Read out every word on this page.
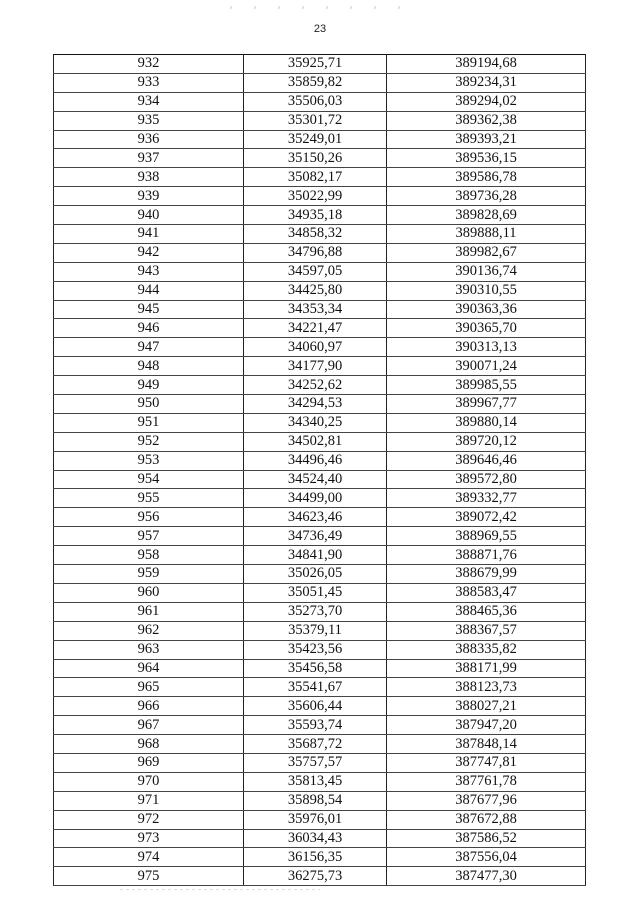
23
932	35925,71	389194,68
933	35859,82	389234,31
934	35506,03	389294,02
935	35301,72	389362,38
936	35249,01	389393,21
937	35150,26	389536,15
938	35082,17	389586,78
939	35022,99	389736,28
940	34935,18	389828,69
941	34858,32	389888,11
942	34796,88	389982,67
943	34597,05	390136,74
944	34425,80	390310,55
945	34353,34	390363,36
946	34221,47	390365,70
947	34060,97	390313,13
948	34177,90	390071,24
949	34252,62	389985,55
950	34294,53	389967,77
951	34340,25	389880,14
952	34502,81	389720,12
953	34496,46	389646,46
954	34524,40	389572,80
955	34499,00	389332,77
956	34623,46	389072,42
957	34736,49	388969,55
958	34841,90	388871,76
959	35026,05	388679,99
960	35051,45	388583,47
961	35273,70	388465,36
962	35379,11	388367,57
963	35423,56	388335,82
964	35456,58	388171,99
965	35541,67	388123,73
966	35606,44	388027,21
967	35593,74	387947,20
968	35687,72	387848,14
969	35757,57	387747,81
970	35813,45	387761,78
971	35898,54	387677,96
972	35976,01	387672,88
973	36034,43	387586,52
974	36156,35	387556,04
975	36275,73	387477,30
